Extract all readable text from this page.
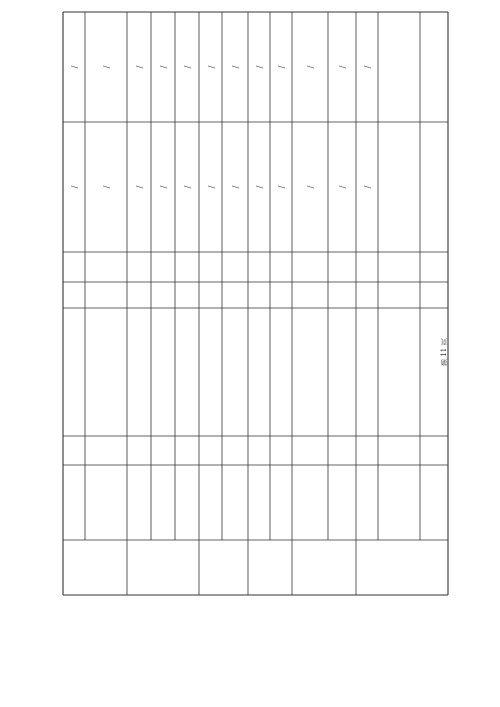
/
/
/
/
/
/
/
/
/
/
/
/
/
/
/
/
/
/
/
/
/
/
/
/
第 11 页
